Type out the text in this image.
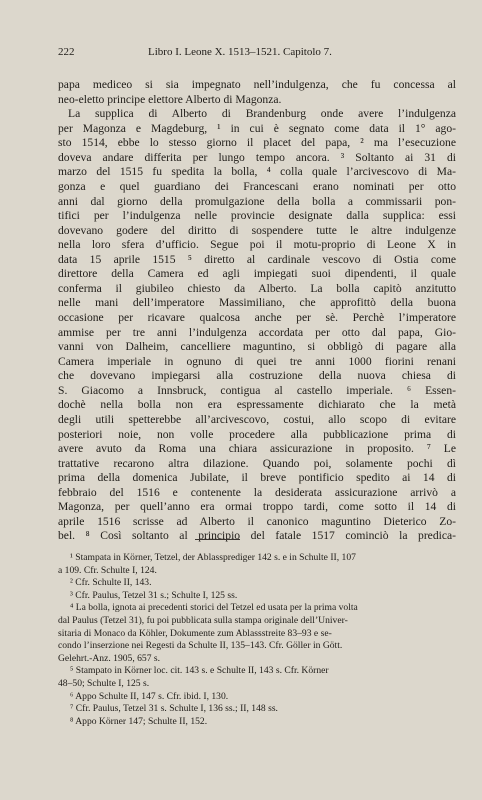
222	Libro I. Leone X. 1513–1521. Capitolo 7.

papa mediceo si sia impegnato nell’indulgenza, che fu concessa al

neo-eletto principe elettore Alberto di Magonza.

La supplica di Alberto di Brandenburg onde avere l’indulgenza

per Magonza e Magdeburg, ¹ in cui è segnato come data il 1° ago-

sto 1514, ebbe lo stesso giorno il placet del papa, ² ma l’esecuzione

doveva andare differita per lungo tempo ancora. ³ Soltanto ai 31 di

marzo del 1515 fu spedita la bolla, ⁴ colla quale l’arcivescovo di Ma-

gonza e quel guardiano dei Francescani erano nominati per otto

anni dal giorno della promulgazione della bolla a commissarii pon-

tifici per l’indulgenza nelle provincie designate dalla supplica: essi

dovevano godere del diritto di sospendere tutte le altre indulgenze

nella loro sfera d’ufficio. Segue poi il motu-proprio di Leone X in

data 15 aprile 1515 ⁵ diretto al cardinale vescovo di Ostia come

direttore della Camera ed agli impiegati suoi dipendenti, il quale

conferma il giubileo chiesto da Alberto. La bolla capitò anzitutto

nelle mani dell’imperatore Massimiliano, che approfittò della buona

occasione per ricavare qualcosa anche per sè. Perchè l’imperatore

ammise per tre anni l’indulgenza accordata per otto dal papa, Gio-

vanni von Dalheim, cancelliere maguntino, si obbligò di pagare alla

Camera imperiale in ognuno di quei tre anni 1000 fiorini renani

che dovevano impiegarsi alla costruzione della nuova chiesa di

S. Giacomo a Innsbruck, contigua al castello imperiale. ⁶ Essen-

dochè nella bolla non era espressamente dichiarato che la metà

degli utili spetterebbe all’arcivescovo, costui, allo scopo di evitare

posteriori noie, non volle procedere alla pubblicazione prima di

avere avuto da Roma una chiara assicurazione in proposito. ⁷ Le

trattative recarono altra dilazione. Quando poi, solamente pochi dì

prima della domenica Jubilate, il breve pontificio spedito ai 14 di

febbraio del 1516 e contenente la desiderata assicurazione arrivò a

Magonza, per quell’anno era ormai troppo tardi, come sotto il 14 di

aprile 1516 scrisse ad Alberto il canonico maguntino Dieterico Zo-

bel. ⁸ Così soltanto al principio del fatale 1517 cominciò la predica-

¹ Stampata in Körner, Tetzel, der Ablassprediger 142 s. e in Schulte II, 107

a 109. Cfr. Schulte I, 124.

² Cfr. Schulte II, 143.

³ Cfr. Paulus, Tetzel 31 s.; Schulte I, 125 ss.

⁴ La bolla, ignota ai precedenti storici del Tetzel ed usata per la prima volta

dal Paulus (Tetzel 31), fu poi pubblicata sulla stampa originale dell’Univer-

sitaria di Monaco da Köhler, Dokumente zum Ablassstreite 83–93 e se-

condo l’inserzione nei Regesti da Schulte II, 135–143. Cfr. Göller in Gött.

Gelehrt.-Anz. 1905, 657 s.

⁵ Stampato in Körner loc. cit. 143 s. e Schulte II, 143 s. Cfr. Körner

48–50; Schulte I, 125 s.

⁶ Appo Schulte II, 147 s. Cfr. ibid. I, 130.

⁷ Cfr. Paulus, Tetzel 31 s. Schulte I, 136 ss.; II, 148 ss.

⁸ Appo Körner 147; Schulte II, 152.
